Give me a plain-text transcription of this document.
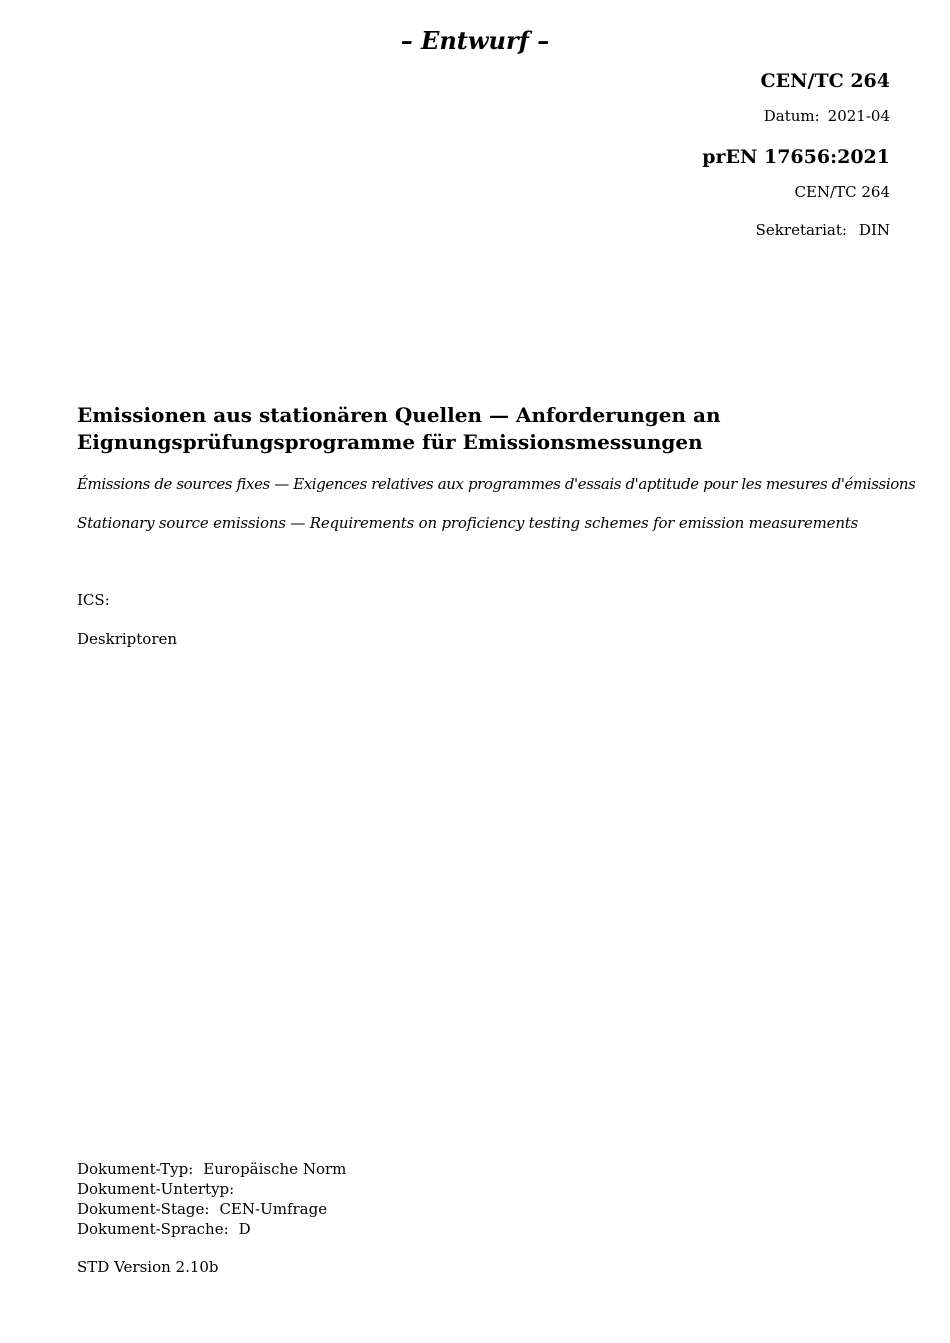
– Entwurf –
CEN/TC 264
Datum: 2021-04
prEN 17656:2021
CEN/TC 264
Sekretariat: DIN
Emissionen aus stationären Quellen — Anforderungen an
Eignungsprüfungsprogramme für Emissionsmessungen
Émissions de sources fixes — Exigences relatives aux programmes d'essais d'aptitude pour les mesures d'émissions
Stationary source emissions — Requirements on proficiency testing schemes for emission measurements
ICS:
Deskriptoren
Dokument-Typ: Europäische Norm
Dokument-Untertyp:
Dokument-Stage: CEN-Umfrage
Dokument-Sprache: D
STD Version 2.10b
